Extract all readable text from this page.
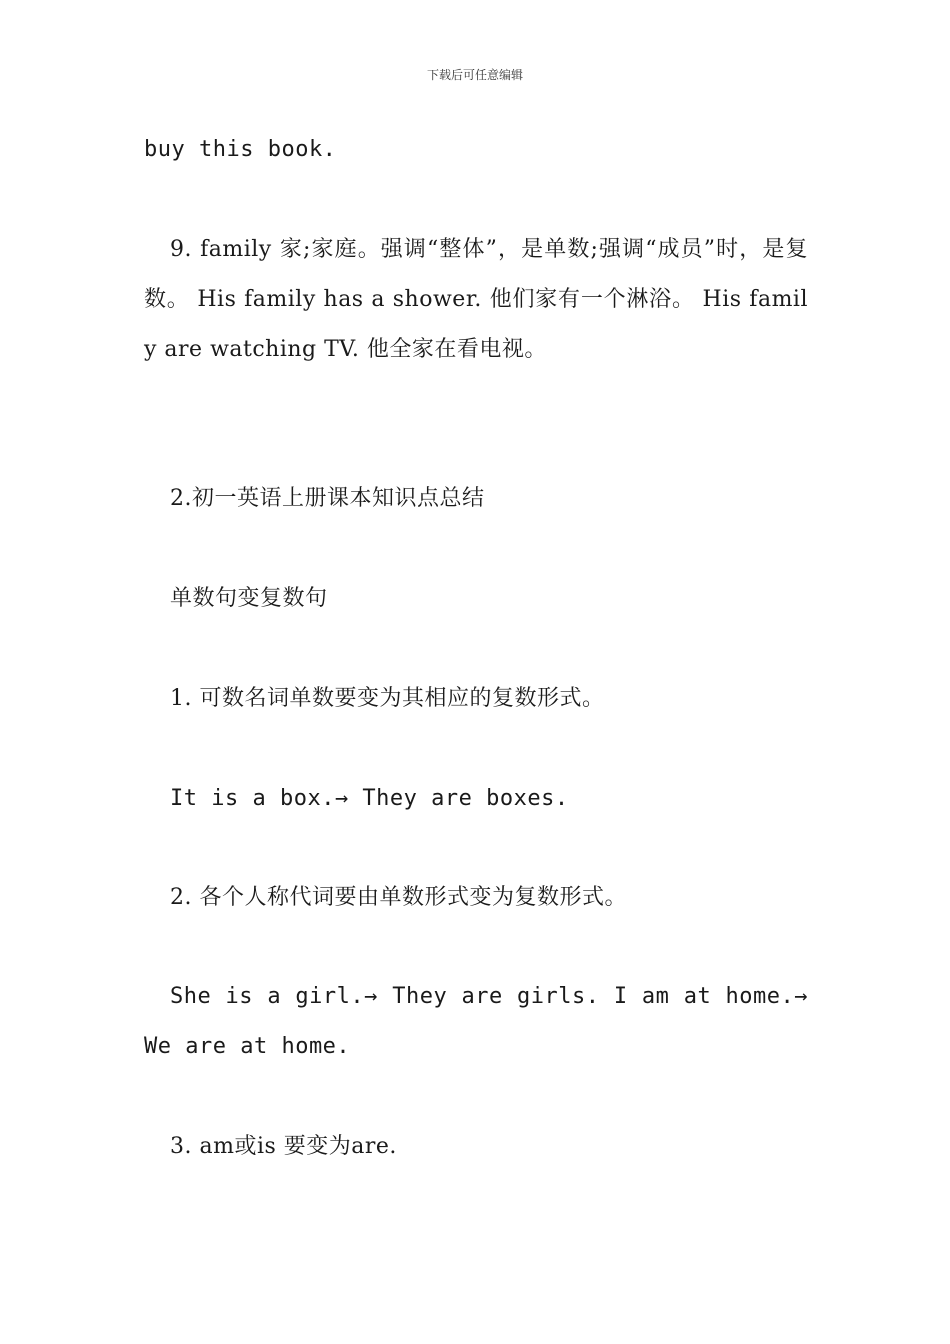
下载后可任意编辑
buy this book.
9. family 家;家庭。强调“整体”，是单数;强调“成员”时，是复数。 His family has a shower. 他们家有一个淋浴。 His family are watching TV. 他全家在看电视。
2.初一英语上册课本知识点总结
单数句变复数句
1. 可数名词单数要变为其相应的复数形式。
It is a box.→ They are boxes.
2. 各个人称代词要由单数形式变为复数形式。
She is a girl.→ They are girls. I am at home.→ We are at home.
3. am或is 要变为are.
